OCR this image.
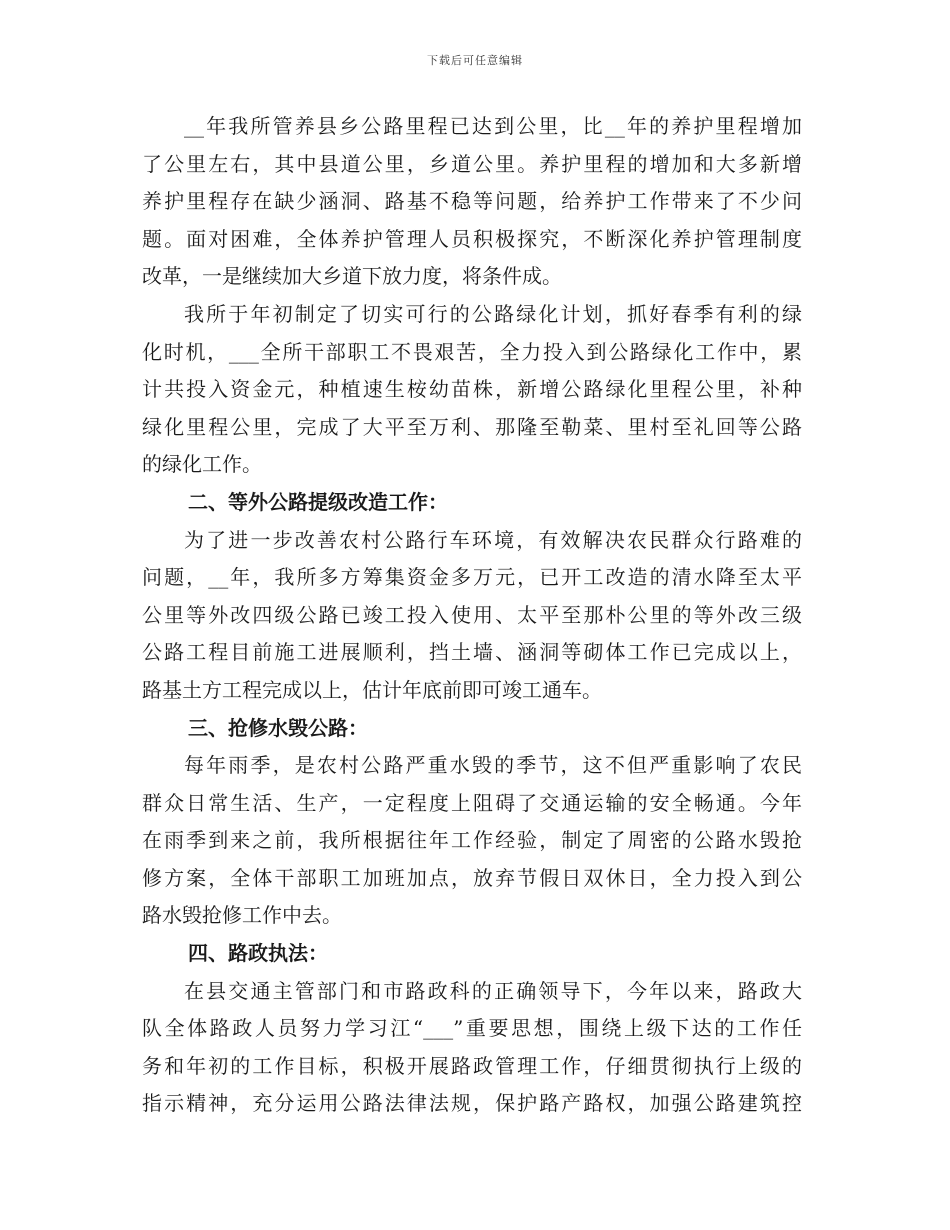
下载后可任意编辑
__年我所管养县乡公路里程已达到公里，比__年的养护里程增加
了公里左右，其中县道公里，乡道公里。养护里程的增加和大多新增
养护里程存在缺少涵洞、路基不稳等问题，给养护工作带来了不少问
题。面对困难，全体养护管理人员积极探究，不断深化养护管理制度
改革，一是继续加大乡道下放力度，将条件成。
我所于年初制定了切实可行的公路绿化计划，抓好春季有利的绿
化时机，___全所干部职工不畏艰苦，全力投入到公路绿化工作中，累
计共投入资金元，种植速生桉幼苗株，新增公路绿化里程公里，补种
绿化里程公里，完成了大平至万利、那隆至勒菜、里村至礼回等公路
的绿化工作。
二、等外公路提级改造工作：
为了进一步改善农村公路行车环境，有效解决农民群众行路难的
问题，__年，我所多方筹集资金多万元，已开工改造的清水降至太平
公里等外改四级公路已竣工投入使用、太平至那朴公里的等外改三级
公路工程目前施工进展顺利，挡土墙、涵洞等砌体工作已完成以上，
路基土方工程完成以上，估计年底前即可竣工通车。
三、抢修水毁公路：
每年雨季，是农村公路严重水毁的季节，这不但严重影响了农民
群众日常生活、生产，一定程度上阻碍了交通运输的安全畅通。今年
在雨季到来之前，我所根据往年工作经验，制定了周密的公路水毁抢
修方案，全体干部职工加班加点，放弃节假日双休日，全力投入到公
路水毁抢修工作中去。
四、路政执法：
在县交通主管部门和市路政科的正确领导下，今年以来，路政大
队全体路政人员努力学习江“___”重要思想，围绕上级下达的工作任
务和年初的工作目标，积极开展路政管理工作，仔细贯彻执行上级的
指示精神，充分运用公路法律法规，保护路产路权，加强公路建筑控
